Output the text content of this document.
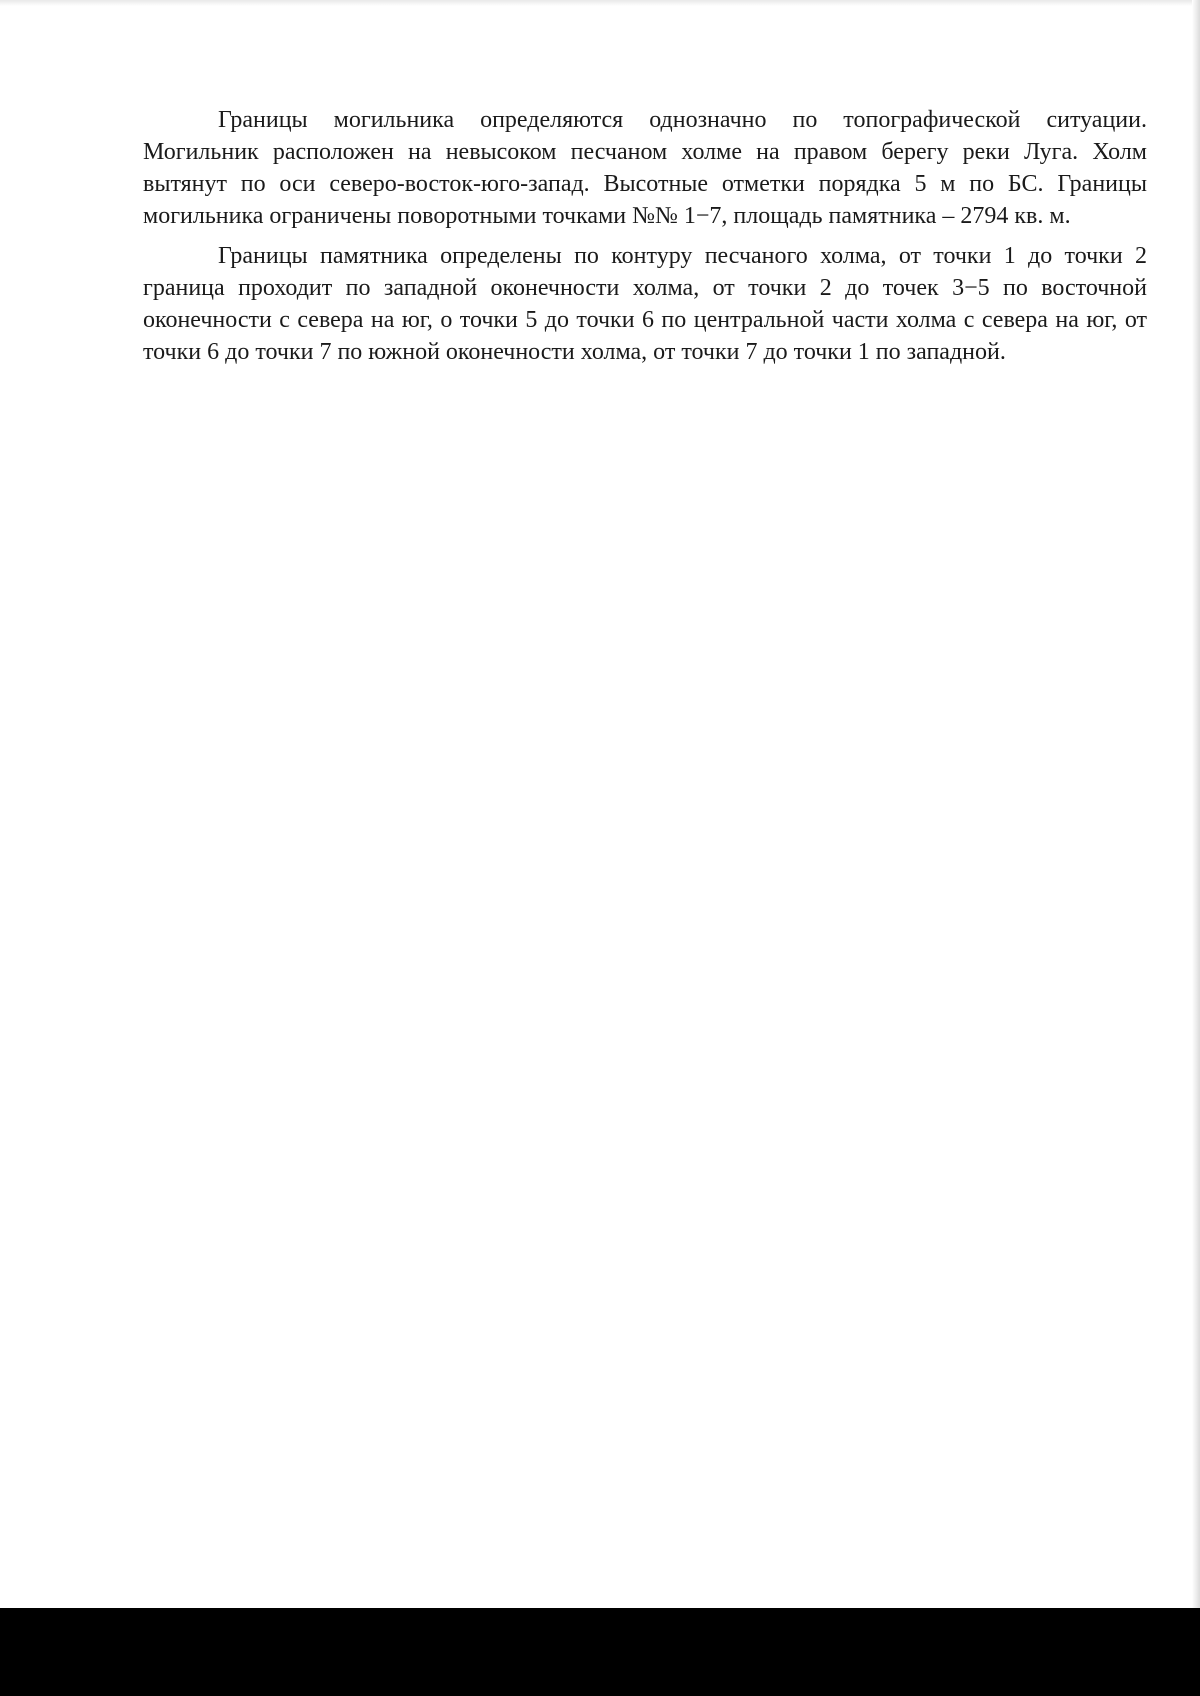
Границы могильника определяются однозначно по топографической ситуации. Могильник расположен на невысоком песчаном холме на правом берегу реки Луга. Холм вытянут по оси северо-восток-юго-запад. Высотные отметки порядка 5 м по БС. Границы могильника ограничены поворотными точками №№ 1−7, площадь памятника – 2794 кв. м.

Границы памятника определены по контуру песчаного холма, от точки 1 до точки 2 граница проходит по западной оконечности холма, от точки 2 до точек 3−5 по восточной оконечности с севера на юг, о точки 5 до точки 6 по центральной части холма с севера на юг, от точки 6 до точки 7 по южной оконечности холма, от точки 7 до точки 1 по западной.
